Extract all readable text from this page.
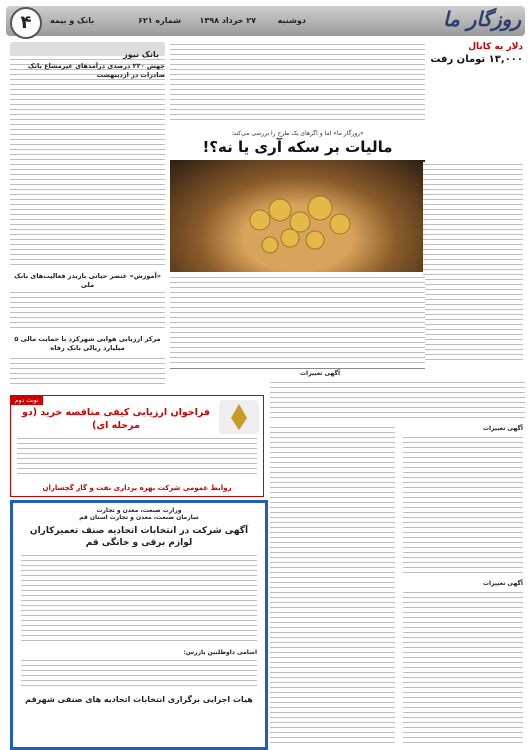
روزگار ما
دوشنبه
۲۷ خرداد ۱۳۹۸
شماره ۶۲۱
بانک و بیمه
۴
دلار به کانال
۱۳,۰۰۰ تومان رفت
«روزگار ما» اما و اگرهای یک طرح را بررسی می‌کند:
مالیات بر سکه آری یا نه؟!
بانک نیوز
جهش ۲۲۰ درصدی درآمدهای غیرمشاع بانک صادرات در اردیبهشت
«آموزش» عنصر حیاتی بازیدر فعالیت‌های بانک ملی
مرکز ارزیابی هوایی شهرکرد با حمایت مالی ۵ میلیارد ریالی بانک رفاه
نوبت دوم
فراخوان ارزیابی کیفی مناقصه خرید (دو مرحله ای)
روابط عمومی شرکت بهره برداری نفت و گاز گچساران
وزارت صنعت، معدن و تجارت
سازمان صنعت، معدن و تجارت استان قم
آگهی شرکت در انتخابات اتحادیه صنف تعمیرکاران لوازم برقی و خانگی قم
اسامی داوطلبین بازرس:
هیات اجرایی برگزاری انتخابات اتحادیه های صنفی شهرقم
آگهی تغییرات
آگهی تغییرات
آگهی تغییرات
